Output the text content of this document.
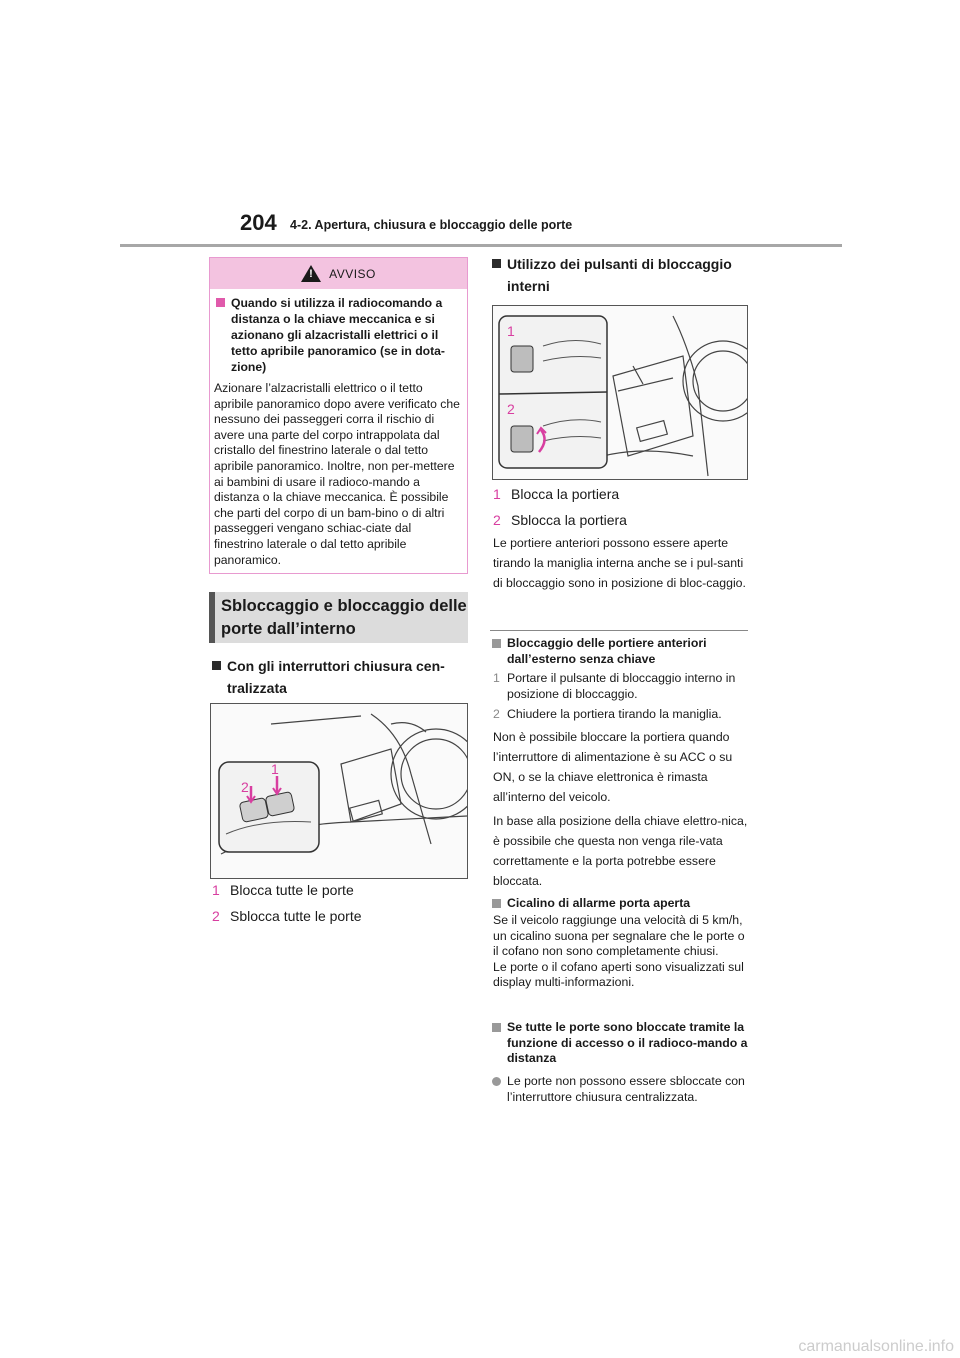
204 4-2. Apertura, chiusura e bloccaggio delle porte
!
AVVISO
Quando si utilizza il radiocomando a distanza o la chiave meccanica e si azionano gli alzacristalli elettrici o il tetto apribile panoramico (se in dota-zione)
Azionare l’alzacristalli elettrico o il tetto apribile panoramico dopo avere verificato che nessuno dei passeggeri corra il rischio di avere una parte del corpo intrappolata dal cristallo del finestrino laterale o dal tetto apribile panoramico. Inoltre, non per-mettere ai bambini di usare il radioco-mando a distanza o la chiave meccanica. È possibile che parti del corpo di un bam-bino o di altri passeggeri vengano schiac-ciate dal finestrino laterale o dal tetto apribile panoramico.
Sbloccaggio e bloccaggio delle porte dall’interno
Con gli interruttori chiusura cen-tralizzata
1
2
1 Blocca tutte le porte
2 Sblocca tutte le porte
Utilizzo dei pulsanti di bloccaggio interni
1
2
1 Blocca la portiera
2 Sblocca la portiera
Le portiere anteriori possono essere aperte tirando la maniglia interna anche se i pul-santi di bloccaggio sono in posizione di bloc-caggio.
Bloccaggio delle portiere anteriori dall’esterno senza chiave
1 Portare il pulsante di bloccaggio interno in posizione di bloccaggio.
2 Chiudere la portiera tirando la maniglia.
Non è possibile bloccare la portiera quando l’interruttore di alimentazione è su ACC o su ON, o se la chiave elettronica è rimasta all’interno del veicolo.
In base alla posizione della chiave elettro-nica, è possibile che questa non venga rile-vata correttamente e la porta potrebbe essere bloccata.
Cicalino di allarme porta aperta
Se il veicolo raggiunge una velocità di 5 km/h, un cicalino suona per segnalare che le porte o il cofano non sono completamente chiusi.
Le porte o il cofano aperti sono visualizzati sul display multi-informazioni.
Se tutte le porte sono bloccate tramite la funzione di accesso o il radioco-mando a distanza
Le porte non possono essere sbloccate con l’interruttore chiusura centralizzata.
carmanualsonline.info
